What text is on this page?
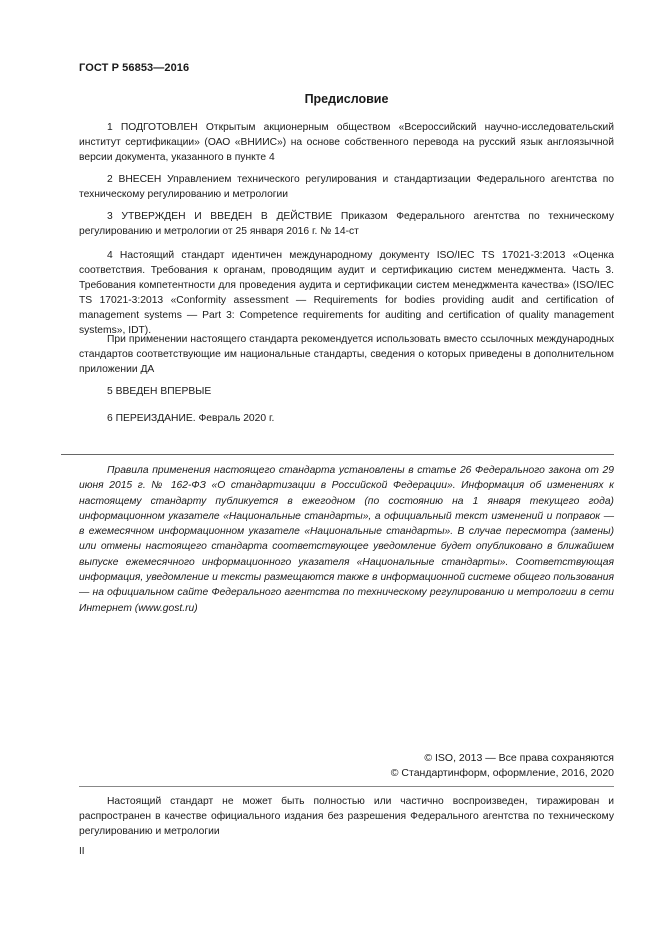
ГОСТ Р 56853—2016
Предисловие

1 ПОДГОТОВЛЕН Открытым акционерным обществом «Всероссийский научно-исследовательский институт сертификации» (ОАО «ВНИИС») на основе собственного перевода на русский язык англоязычной версии документа, указанного в пункте 4

2 ВНЕСЕН Управлением технического регулирования и стандартизации Федерального агентства по техническому регулированию и метрологии

3 УТВЕРЖДЕН И ВВЕДЕН В ДЕЙСТВИЕ Приказом Федерального агентства по техническому регулированию и метрологии от 25 января 2016 г. № 14-ст

4 Настоящий стандарт идентичен международному документу ISO/IEC TS 17021-3:2013 «Оценка соответствия. Требования к органам, проводящим аудит и сертификацию систем менеджмента. Часть 3. Требования компетентности для проведения аудита и сертификации систем менеджмента качества» (ISO/IEC TS 17021-3:2013 «Conformity assessment — Requirements for bodies providing audit and certification of management systems — Part 3: Competence requirements for auditing and certification of quality management systems», IDT).

При применении настоящего стандарта рекомендуется использовать вместо ссылочных международных стандартов соответствующие им национальные стандарты, сведения о которых приведены в дополнительном приложении ДА

5 ВВЕДЕН ВПЕРВЫЕ

6 ПЕРЕИЗДАНИЕ. Февраль 2020 г.

Правила применения настоящего стандарта установлены в статье 26 Федерального закона от 29 июня 2015 г. № 162-ФЗ «О стандартизации в Российской Федерации». Информация об изменениях к настоящему стандарту публикуется в ежегодном (по состоянию на 1 января текущего года) информационном указателе «Национальные стандарты», а официальный текст изменений и поправок — в ежемесячном информационном указателе «Национальные стандарты». В случае пересмотра (замены) или отмены настоящего стандарта соответствующее уведомление будет опубликовано в ближайшем выпуске ежемесячного информационного указателя «Национальные стандарты». Соответствующая информация, уведомление и тексты размещаются также в информационной системе общего пользования — на официальном сайте Федерального агентства по техническому регулированию и метрологии в сети Интернет (www.gost.ru)

© ISO, 2013 — Все права сохраняются
© Стандартинформ, оформление, 2016, 2020

Настоящий стандарт не может быть полностью или частично воспроизведен, тиражирован и распространен в качестве официального издания без разрешения Федерального агентства по техническому регулированию и метрологии

II
